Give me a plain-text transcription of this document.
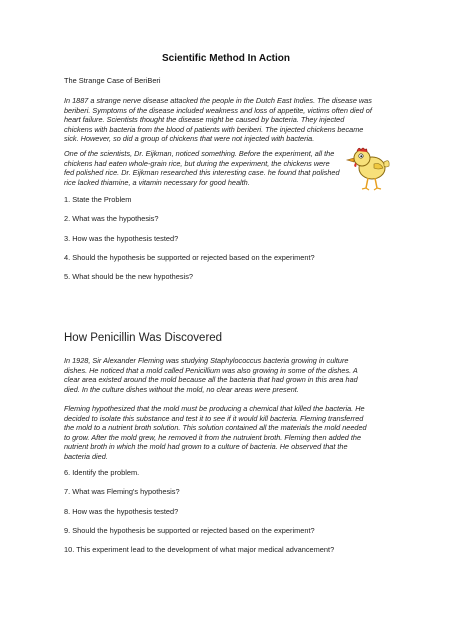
Scientific Method In Action
The Strange Case of BeriBeri
In 1887 a strange nerve disease attacked the people in the Dutch East Indies. The disease was
beriberi. Symptoms of the disease included weakness and loss of appetite, victims often died of
heart failure. Scientists thought the disease might be caused by bacteria. They injected
chickens with bacteria from the blood of patients with beriberi. The injected chickens became
sick. However, so did a group of chickens that were not injected with bacteria.
One of the scientists, Dr. Eijkman, noticed something. Before the experiment, all the
chickens had eaten whole-grain rice, but during the experiment, the chickens were
fed polished rice. Dr. Eijkman researched this interesting case. he found that polished
rice lacked thiamine, a vitamin necessary for good health.
1. State the Problem
2. What was the hypothesis?
3. How was the hypothesis tested?
4. Should the hypothesis be supported or rejected based on the experiment?
5. What should be the new hypothesis?
How Penicillin Was Discovered
In 1928, Sir Alexander Fleming was studying Staphylococcus bacteria growing in culture
dishes. He noticed that a mold called Penicillium was also growing in some of the dishes. A
clear area existed around the mold because all the bacteria that had grown in this area had
died. In the culture dishes without the mold, no clear areas were present.
Fleming hypothesized that the mold must be producing a chemical that killed the bacteria. He
decided to isolate this substance and test it to see if it would kill bacteria. Fleming transferred
the mold to a nutrient broth solution. This solution contained all the materials the mold needed
to grow. After the mold grew, he removed it from the nutruient broth. Fleming then added the
nutrient broth in which the mold had grown to a culture of bacteria. He observed that the
bacteria died.
6. Identify the problem.
7. What was Fleming's hypothesis?
8. How was the hypothesis tested?
9. Should the hypothesis be supported or rejected based on the experiment?
10. This experiment lead to the development of what major medical advancement?
